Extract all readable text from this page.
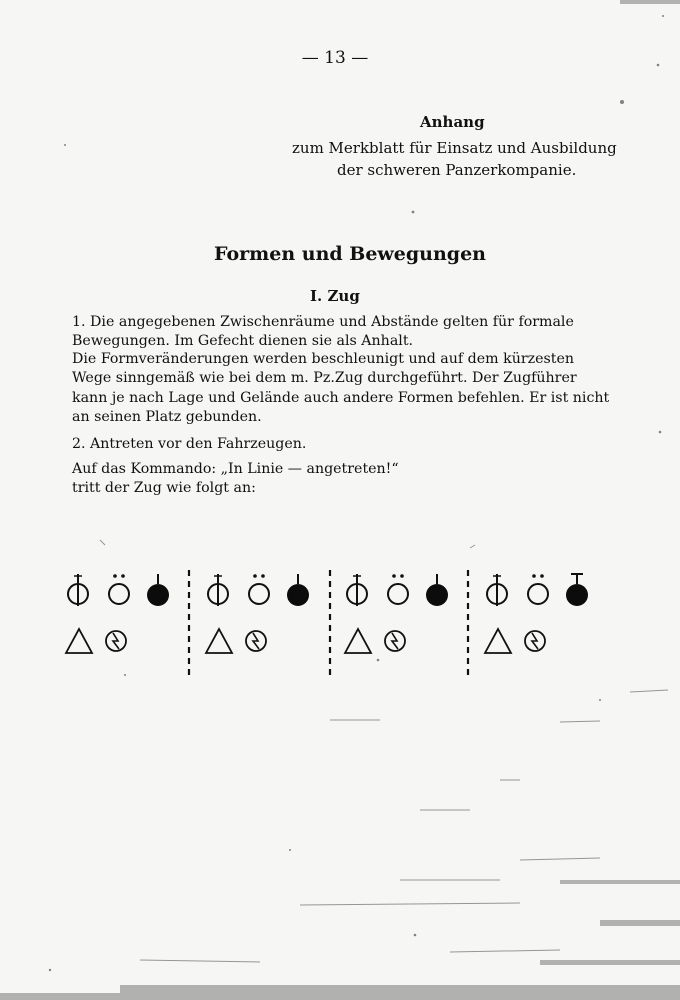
— 13 —
Anhang
zum Merkblatt für Einsatz und Ausbildung
der schweren Panzerkompanie.
Formen und Bewegungen
I. Zug
1. Die angegebenen Zwischenräume und Abstände gelten für formale
Bewegungen. Im Gefecht dienen sie als Anhalt.
Die Formveränderungen werden beschleunigt und auf dem kürzesten
Wege sinngemäß wie bei dem m. Pz.Zug durchgeführt. Der Zugführer
kann je nach Lage und Gelände auch andere Formen befehlen. Er ist nicht
an seinen Platz gebunden.
2. Antreten vor den Fahrzeugen.
Auf das Kommando: „In Linie — angetreten!“
tritt der Zug wie folgt an:
